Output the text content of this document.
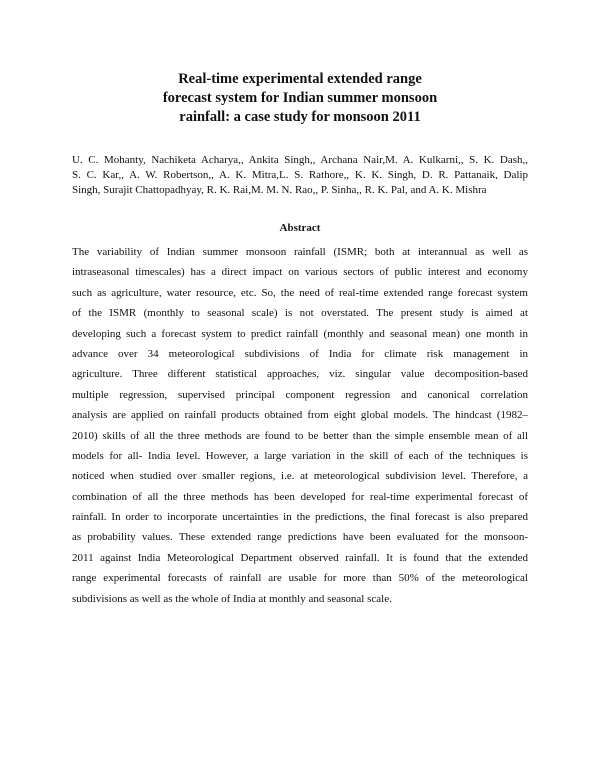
Real-time experimental extended range
forecast system for Indian summer monsoon
rainfall: a case study for monsoon 2011
U. C. Mohanty, Nachiketa Acharya,, Ankita Singh,, Archana Nair,M. A. Kulkarni,, S. K. Dash,,
S. C. Kar,, A. W. Robertson,, A. K. Mitra,L. S. Rathore,, K. K. Singh, D. R. Pattanaik, Dalip
Singh, Surajit Chattopadhyay, R. K. Rai,M. M. N. Rao,, P. Sinha,, R. K. Pal, and A. K. Mishra
Abstract
The variability of Indian summer monsoon rainfall (ISMR; both at interannual as well as
intraseasonal timescales) has a direct impact on various sectors of public interest and economy
such as agriculture, water resource, etc. So, the need of real-time extended range forecast system
of the ISMR (monthly to seasonal scale) is not overstated. The present study is aimed at
developing such a forecast system to predict rainfall (monthly and seasonal mean) one month in
advance over 34 meteorological subdivisions of India for climate risk management in
agriculture. Three different statistical approaches, viz. singular value decomposition-based
multiple regression, supervised principal component regression and canonical correlation
analysis are applied on rainfall products obtained from eight global models. The hindcast (1982–
2010) skills of all the three methods are found to be better than the simple ensemble mean of all
models for all- India level. However, a large variation in the skill of each of the techniques is
noticed when studied over smaller regions, i.e. at meteorological subdivision level. Therefore, a
combination of all the three methods has been developed for real-time experimental forecast of
rainfall. In order to incorporate uncertainties in the predictions, the final forecast is also prepared
as probability values. These extended range predictions have been evaluated for the monsoon-
2011 against India Meteorological Department observed rainfall. It is found that the extended
range experimental forecasts of rainfall are usable for more than 50% of the meteorological
subdivisions as well as the whole of India at monthly and seasonal scale.
